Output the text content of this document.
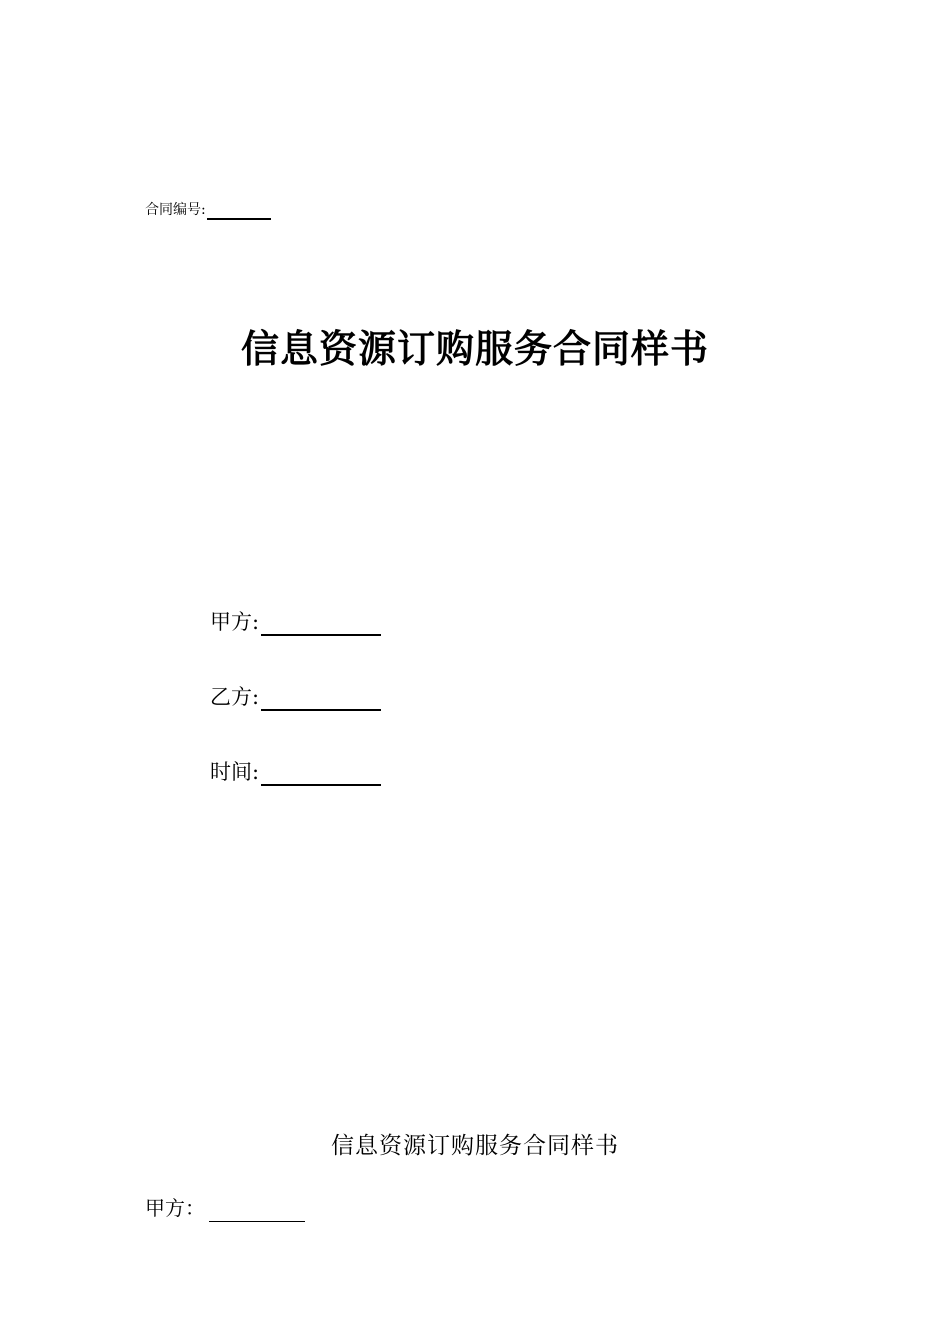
合同编号:
信息资源订购服务合同样书
甲方:
乙方:
时间:
信息资源订购服务合同样书
甲方：
